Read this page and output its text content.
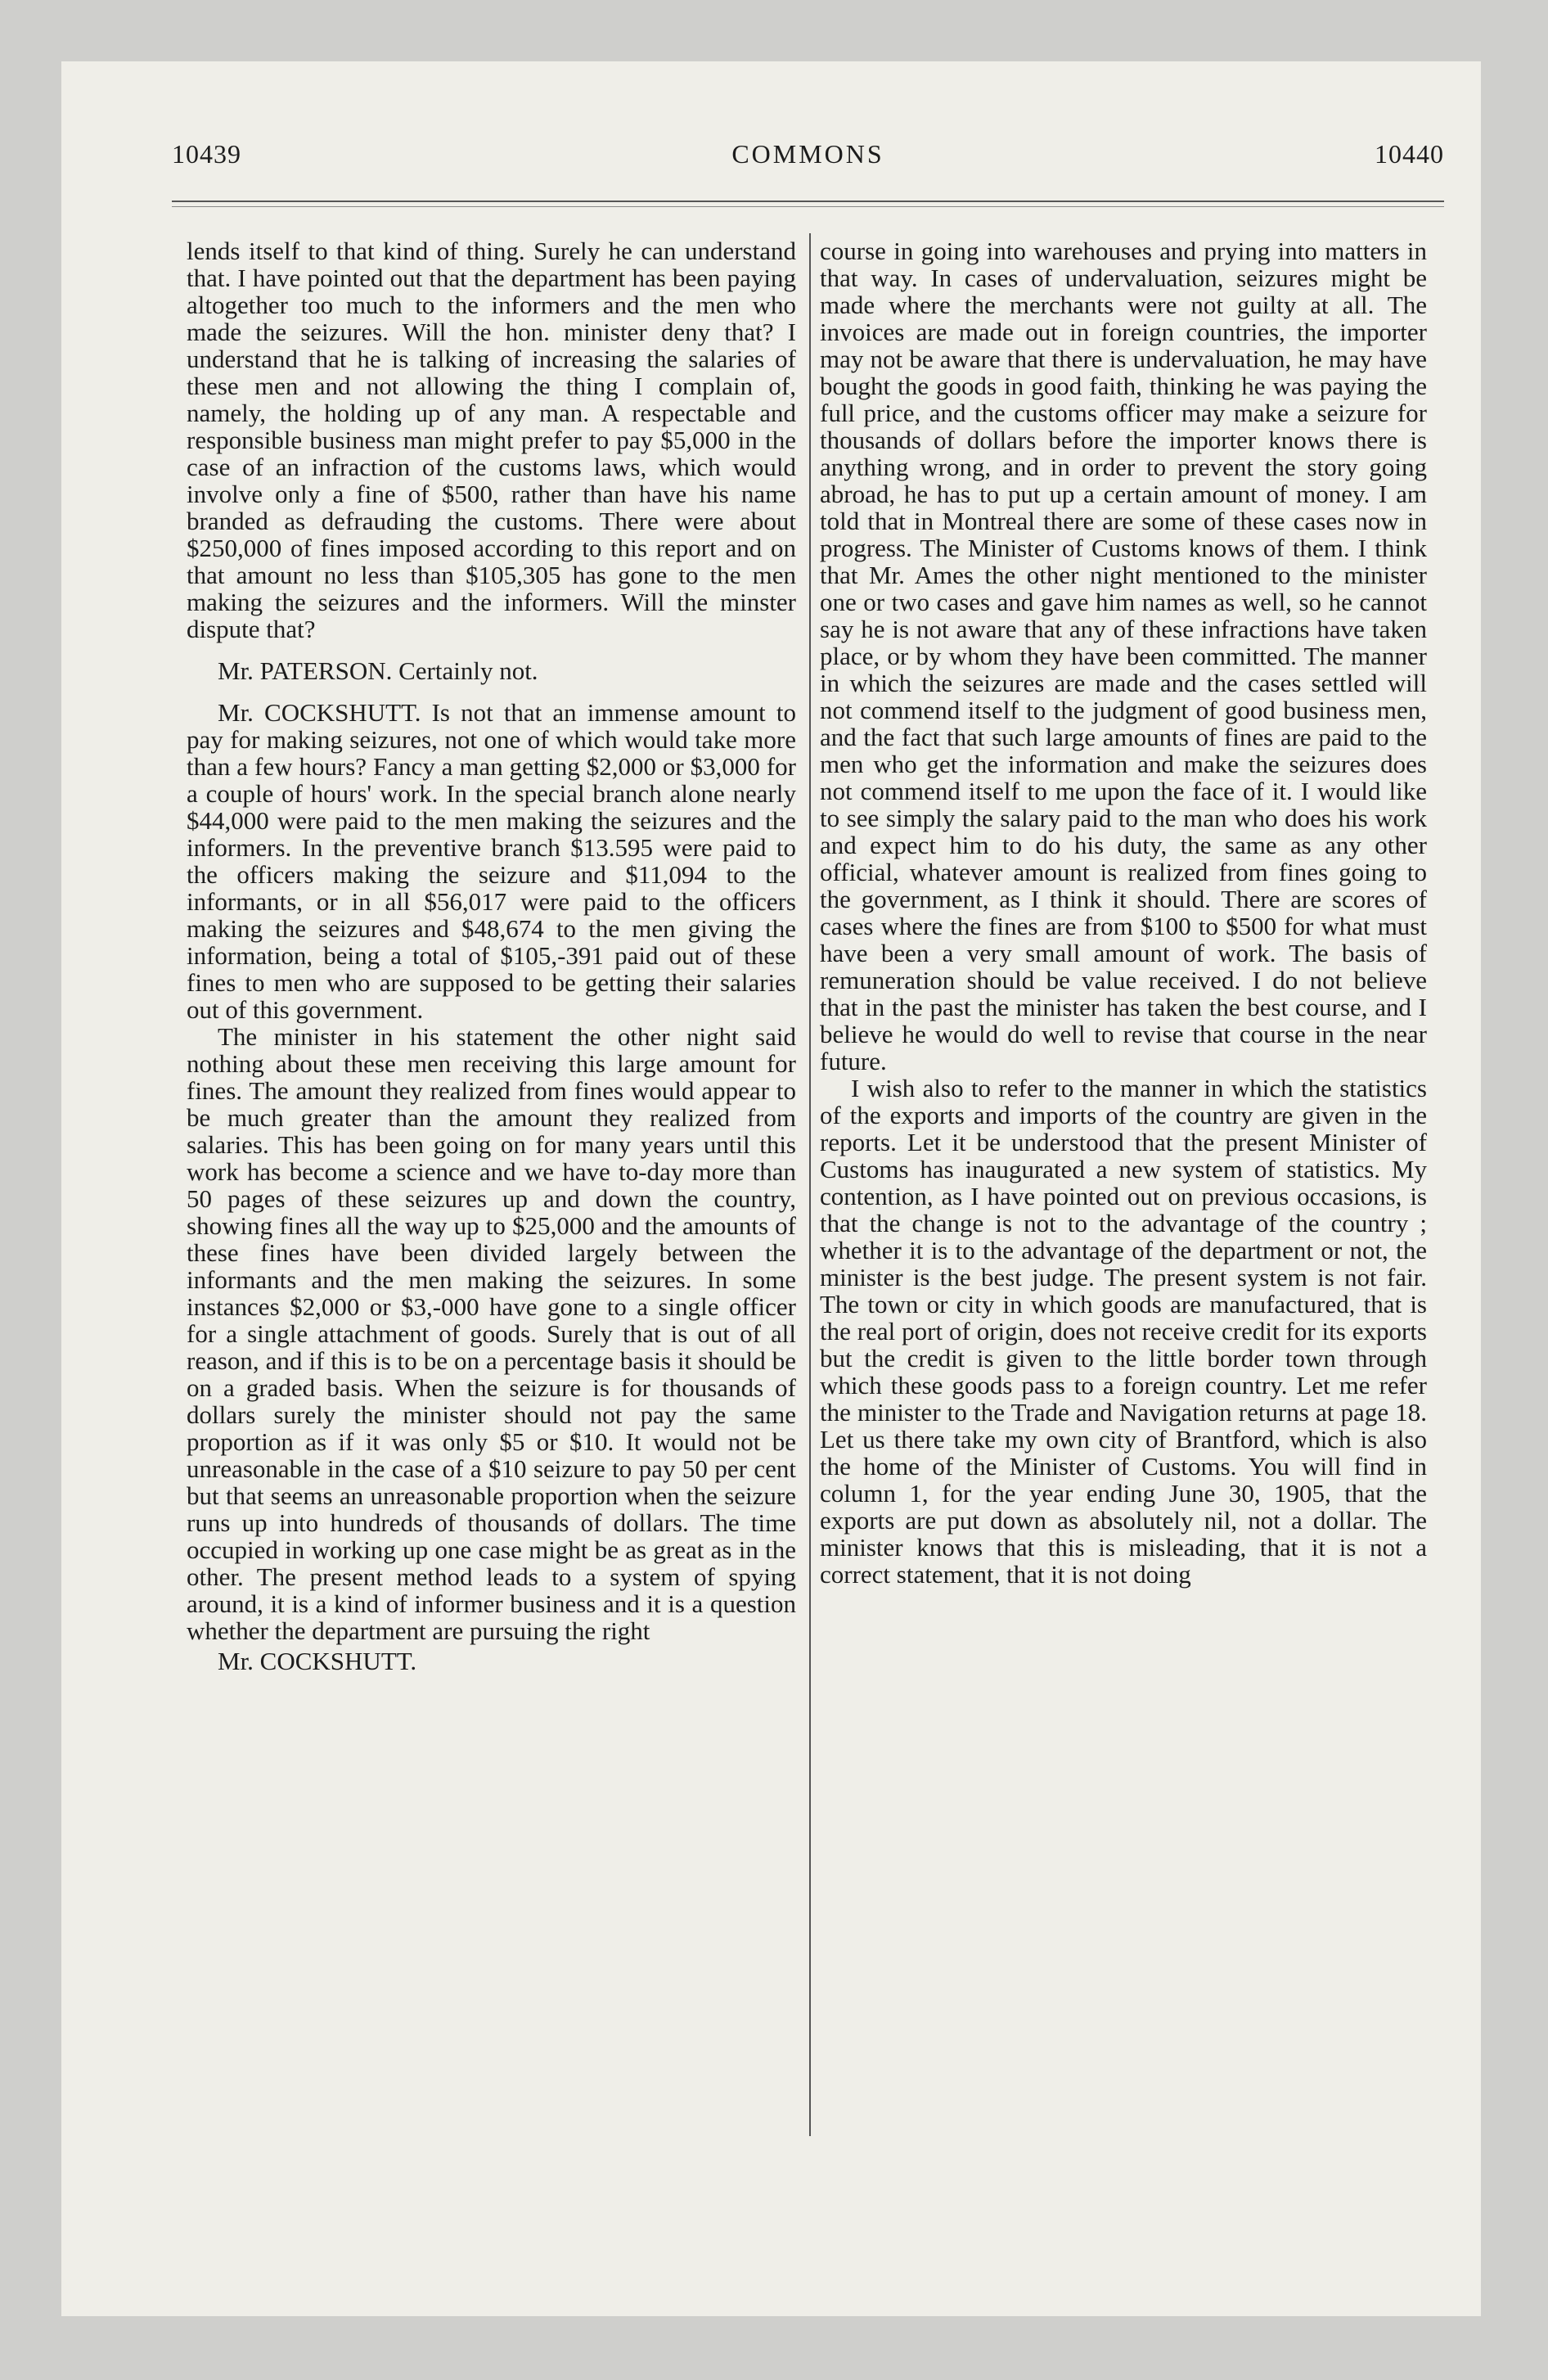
10439	COMMONS	10440

lends itself to that kind of thing. Surely he can understand that. I have pointed out that the department has been paying altogether too much to the informers and the men who made the seizures. Will the hon. minister deny that? I understand that he is talking of increasing the salaries of these men and not allowing the thing I complain of, namely, the holding up of any man. A respectable and responsible business man might prefer to pay $5,000 in the case of an infraction of the customs laws, which would involve only a fine of $500, rather than have his name branded as defrauding the customs. There were about $250,000 of fines imposed according to this report and on that amount no less than $105,305 has gone to the men making the seizures and the informers. Will the minster dispute that?

Mr. PATERSON. Certainly not.

Mr. COCKSHUTT. Is not that an immense amount to pay for making seizures, not one of which would take more than a few hours? Fancy a man getting $2,000 or $3,000 for a couple of hours' work. In the special branch alone nearly $44,000 were paid to the men making the seizures and the informers. In the preventive branch $13.595 were paid to the officers making the seizure and $11,094 to the informants, or in all $56,017 were paid to the officers making the seizures and $48,674 to the men giving the information, being a total of $105,-391 paid out of these fines to men who are supposed to be getting their salaries out of this government.

The minister in his statement the other night said nothing about these men receiving this large amount for fines. The amount they realized from fines would appear to be much greater than the amount they realized from salaries. This has been going on for many years until this work has become a science and we have to-day more than 50 pages of these seizures up and down the country, showing fines all the way up to $25,000 and the amounts of these fines have been divided largely between the informants and the men making the seizures. In some instances $2,000 or $3,-000 have gone to a single officer for a single attachment of goods. Surely that is out of all reason, and if this is to be on a percentage basis it should be on a graded basis. When the seizure is for thousands of dollars surely the minister should not pay the same proportion as if it was only $5 or $10. It would not be unreasonable in the case of a $10 seizure to pay 50 per cent but that seems an unreasonable proportion when the seizure runs up into hundreds of thousands of dollars. The time occupied in working up one case might be as great as in the other. The present method leads to a system of spying around, it is a kind of informer business and it is a question whether the department are pursuing the right

Mr. COCKSHUTT.

course in going into warehouses and prying into matters in that way. In cases of undervaluation, seizures might be made where the merchants were not guilty at all. The invoices are made out in foreign countries, the importer may not be aware that there is undervaluation, he may have bought the goods in good faith, thinking he was paying the full price, and the customs officer may make a seizure for thousands of dollars before the importer knows there is anything wrong, and in order to prevent the story going abroad, he has to put up a certain amount of money. I am told that in Montreal there are some of these cases now in progress. The Minister of Customs knows of them. I think that Mr. Ames the other night mentioned to the minister one or two cases and gave him names as well, so he cannot say he is not aware that any of these infractions have taken place, or by whom they have been committed. The manner in which the seizures are made and the cases settled will not commend itself to the judgment of good business men, and the fact that such large amounts of fines are paid to the men who get the information and make the seizures does not commend itself to me upon the face of it. I would like to see simply the salary paid to the man who does his work and expect him to do his duty, the same as any other official, whatever amount is realized from fines going to the government, as I think it should. There are scores of cases where the fines are from $100 to $500 for what must have been a very small amount of work. The basis of remuneration should be value received. I do not believe that in the past the minister has taken the best course, and I believe he would do well to revise that course in the near future.

I wish also to refer to the manner in which the statistics of the exports and imports of the country are given in the reports. Let it be understood that the present Minister of Customs has inaugurated a new system of statistics. My contention, as I have pointed out on previous occasions, is that the change is not to the advantage of the country ; whether it is to the advantage of the department or not, the minister is the best judge. The present system is not fair. The town or city in which goods are manufactured, that is the real port of origin, does not receive credit for its exports but the credit is given to the little border town through which these goods pass to a foreign country. Let me refer the minister to the Trade and Navigation returns at page 18. Let us there take my own city of Brantford, which is also the home of the Minister of Customs. You will find in column 1, for the year ending June 30, 1905, that the exports are put down as absolutely nil, not a dollar. The minister knows that this is misleading, that it is not a correct statement, that it is not doing
